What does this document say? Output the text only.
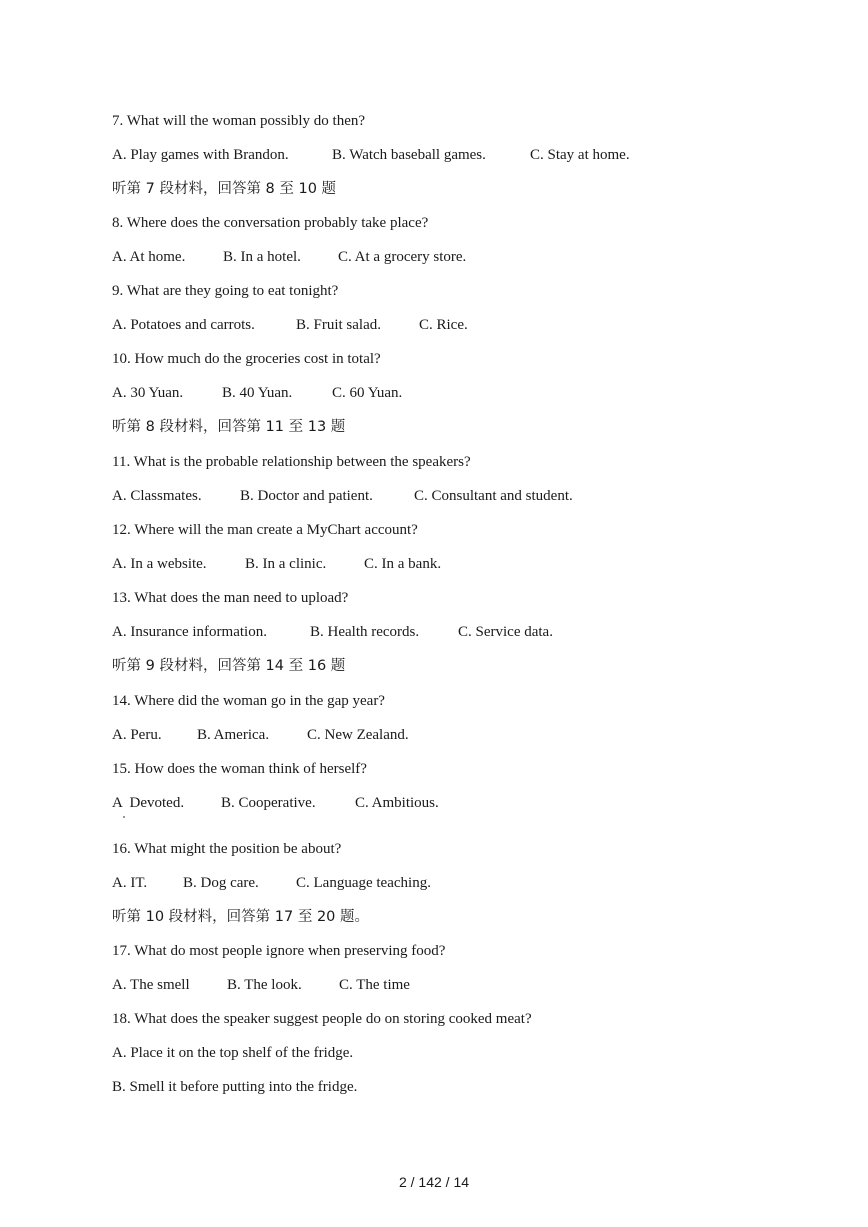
7. What will the woman possibly do then?
A. Play games with Brandon.	B. Watch baseball games.	C. Stay at home.
听第 7 段材料，回答第 8 至 10 题
8. Where does the conversation probably take place?
A. At home.	B. In a hotel. C. At a grocery store.
9. What are they going to eat tonight?
A. Potatoes and carrots.	B. Fruit salad.	C. Rice.
10. How much do the groceries cost in total?
A. 30 Yuan.	B. 40 Yuan.	C. 60 Yuan.
听第 8 段材料，回答第 11 至 13 题
11. What is the probable relationship between the speakers?
A. Classmates.	B. Doctor and patient.	C. Consultant and student.
12. Where will the man create a MyChart account?
A. In a website.	B. In a clinic.	C. In a bank.
13. What does the man need to upload?
A. Insurance information.	B. Health records.	C. Service data.
听第 9 段材料，回答第 14 至 16 题
14. Where did the woman go in the gap year?
A. Peru. B. America.	C. New Zealand.
15. How does the woman think of herself?
A  Devoted. B. Cooperative.	C. Ambitious.
16. What might the position be about?
A. IT. B. Dog care. C. Language teaching.
听第 10 段材料，回答第 17 至 20 题。
17. What do most people ignore when preserving food?
A. The smell B. The look. C. The time
18. What does the speaker suggest people do on storing cooked meat?
A. Place it on the top shelf of the fridge.
B. Smell it before putting into the fridge.
2 / 142 / 14
